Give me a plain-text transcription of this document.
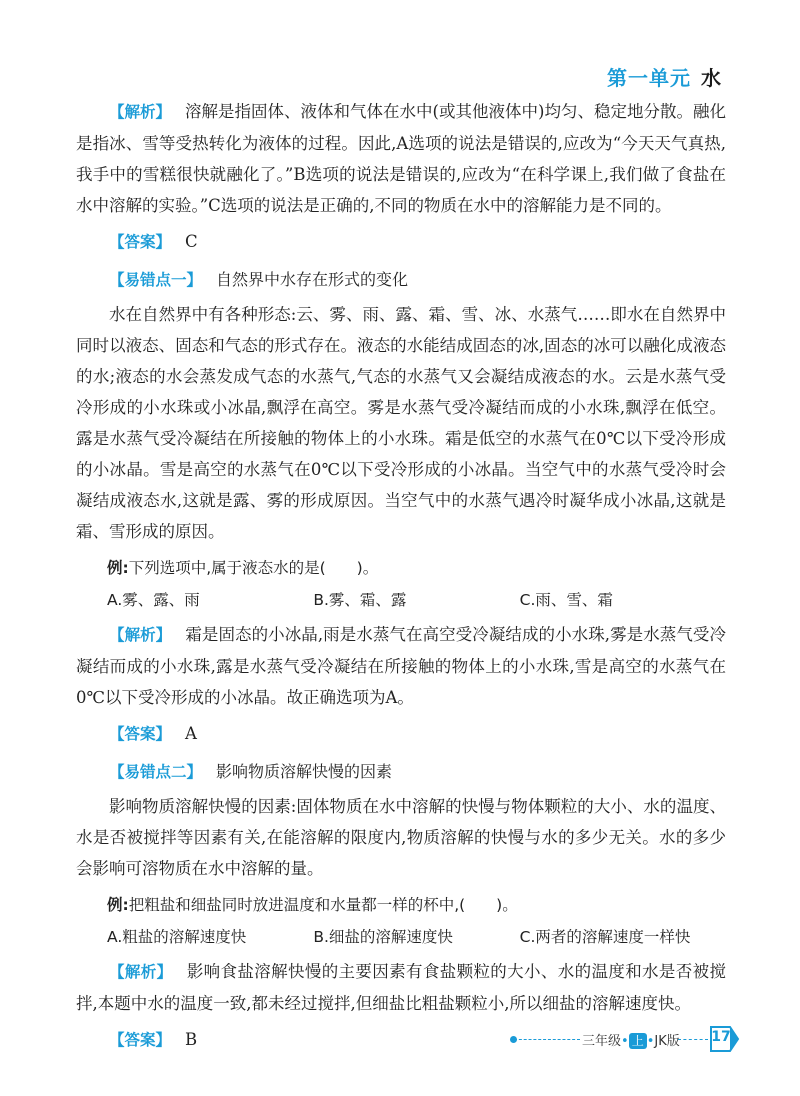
第一单元 水

【解析】 溶解是指固体、液体和气体在水中(或其他液体中)均匀、稳定地分散。融化是指冰、雪等受热转化为液体的过程。因此,A选项的说法是错误的,应改为“今天天气真热,我手中的雪糕很快就融化了。”B选项的说法是错误的,应改为“在科学课上,我们做了食盐在水中溶解的实验。”C选项的说法是正确的,不同的物质在水中的溶解能力是不同的。

【答案】 C

【易错点一】 自然界中水存在形式的变化

水在自然界中有各种形态:云、雾、雨、露、霜、雪、冰、水蒸气……即水在自然界中同时以液态、固态和气态的形式存在。液态的水能结成固态的冰,固态的冰可以融化成液态的水;液态的水会蒸发成气态的水蒸气,气态的水蒸气又会凝结成液态的水。云是水蒸气受冷形成的小水珠或小冰晶,飘浮在高空。雾是水蒸气受冷凝结而成的小水珠,飘浮在低空。露是水蒸气受冷凝结在所接触的物体上的小水珠。霜是低空的水蒸气在0℃以下受冷形成的小冰晶。雪是高空的水蒸气在0℃以下受冷形成的小冰晶。当空气中的水蒸气受冷时会凝结成液态水,这就是露、雾的形成原因。当空气中的水蒸气遇冷时凝华成小冰晶,这就是霜、雪形成的原因。

例:下列选项中,属于液态水的是(　　)。

A.雾、露、雨	B.雾、霜、露	C.雨、雪、霜

【解析】 霜是固态的小冰晶,雨是水蒸气在高空受冷凝结成的小水珠,雾是水蒸气受冷凝结而成的小水珠,露是水蒸气受冷凝结在所接触的物体上的小水珠,雪是高空的水蒸气在0℃以下受冷形成的小冰晶。故正确选项为A。

【答案】 A

【易错点二】 影响物质溶解快慢的因素

影响物质溶解快慢的因素:固体物质在水中溶解的快慢与物体颗粒的大小、水的温度、水是否被搅拌等因素有关,在能溶解的限度内,物质溶解的快慢与水的多少无关。水的多少会影响可溶物质在水中溶解的量。

例:把粗盐和细盐同时放进温度和水量都一样的杯中,(　　)。

A.粗盐的溶解速度快	B.细盐的溶解速度快	C.两者的溶解速度一样快

【解析】 影响食盐溶解快慢的主要因素有食盐颗粒的大小、水的温度和水是否被搅拌,本题中水的温度一致,都未经过搅拌,但细盐比粗盐颗粒小,所以细盐的溶解速度快。

【答案】 B	三年级• 上 •JK版 17
